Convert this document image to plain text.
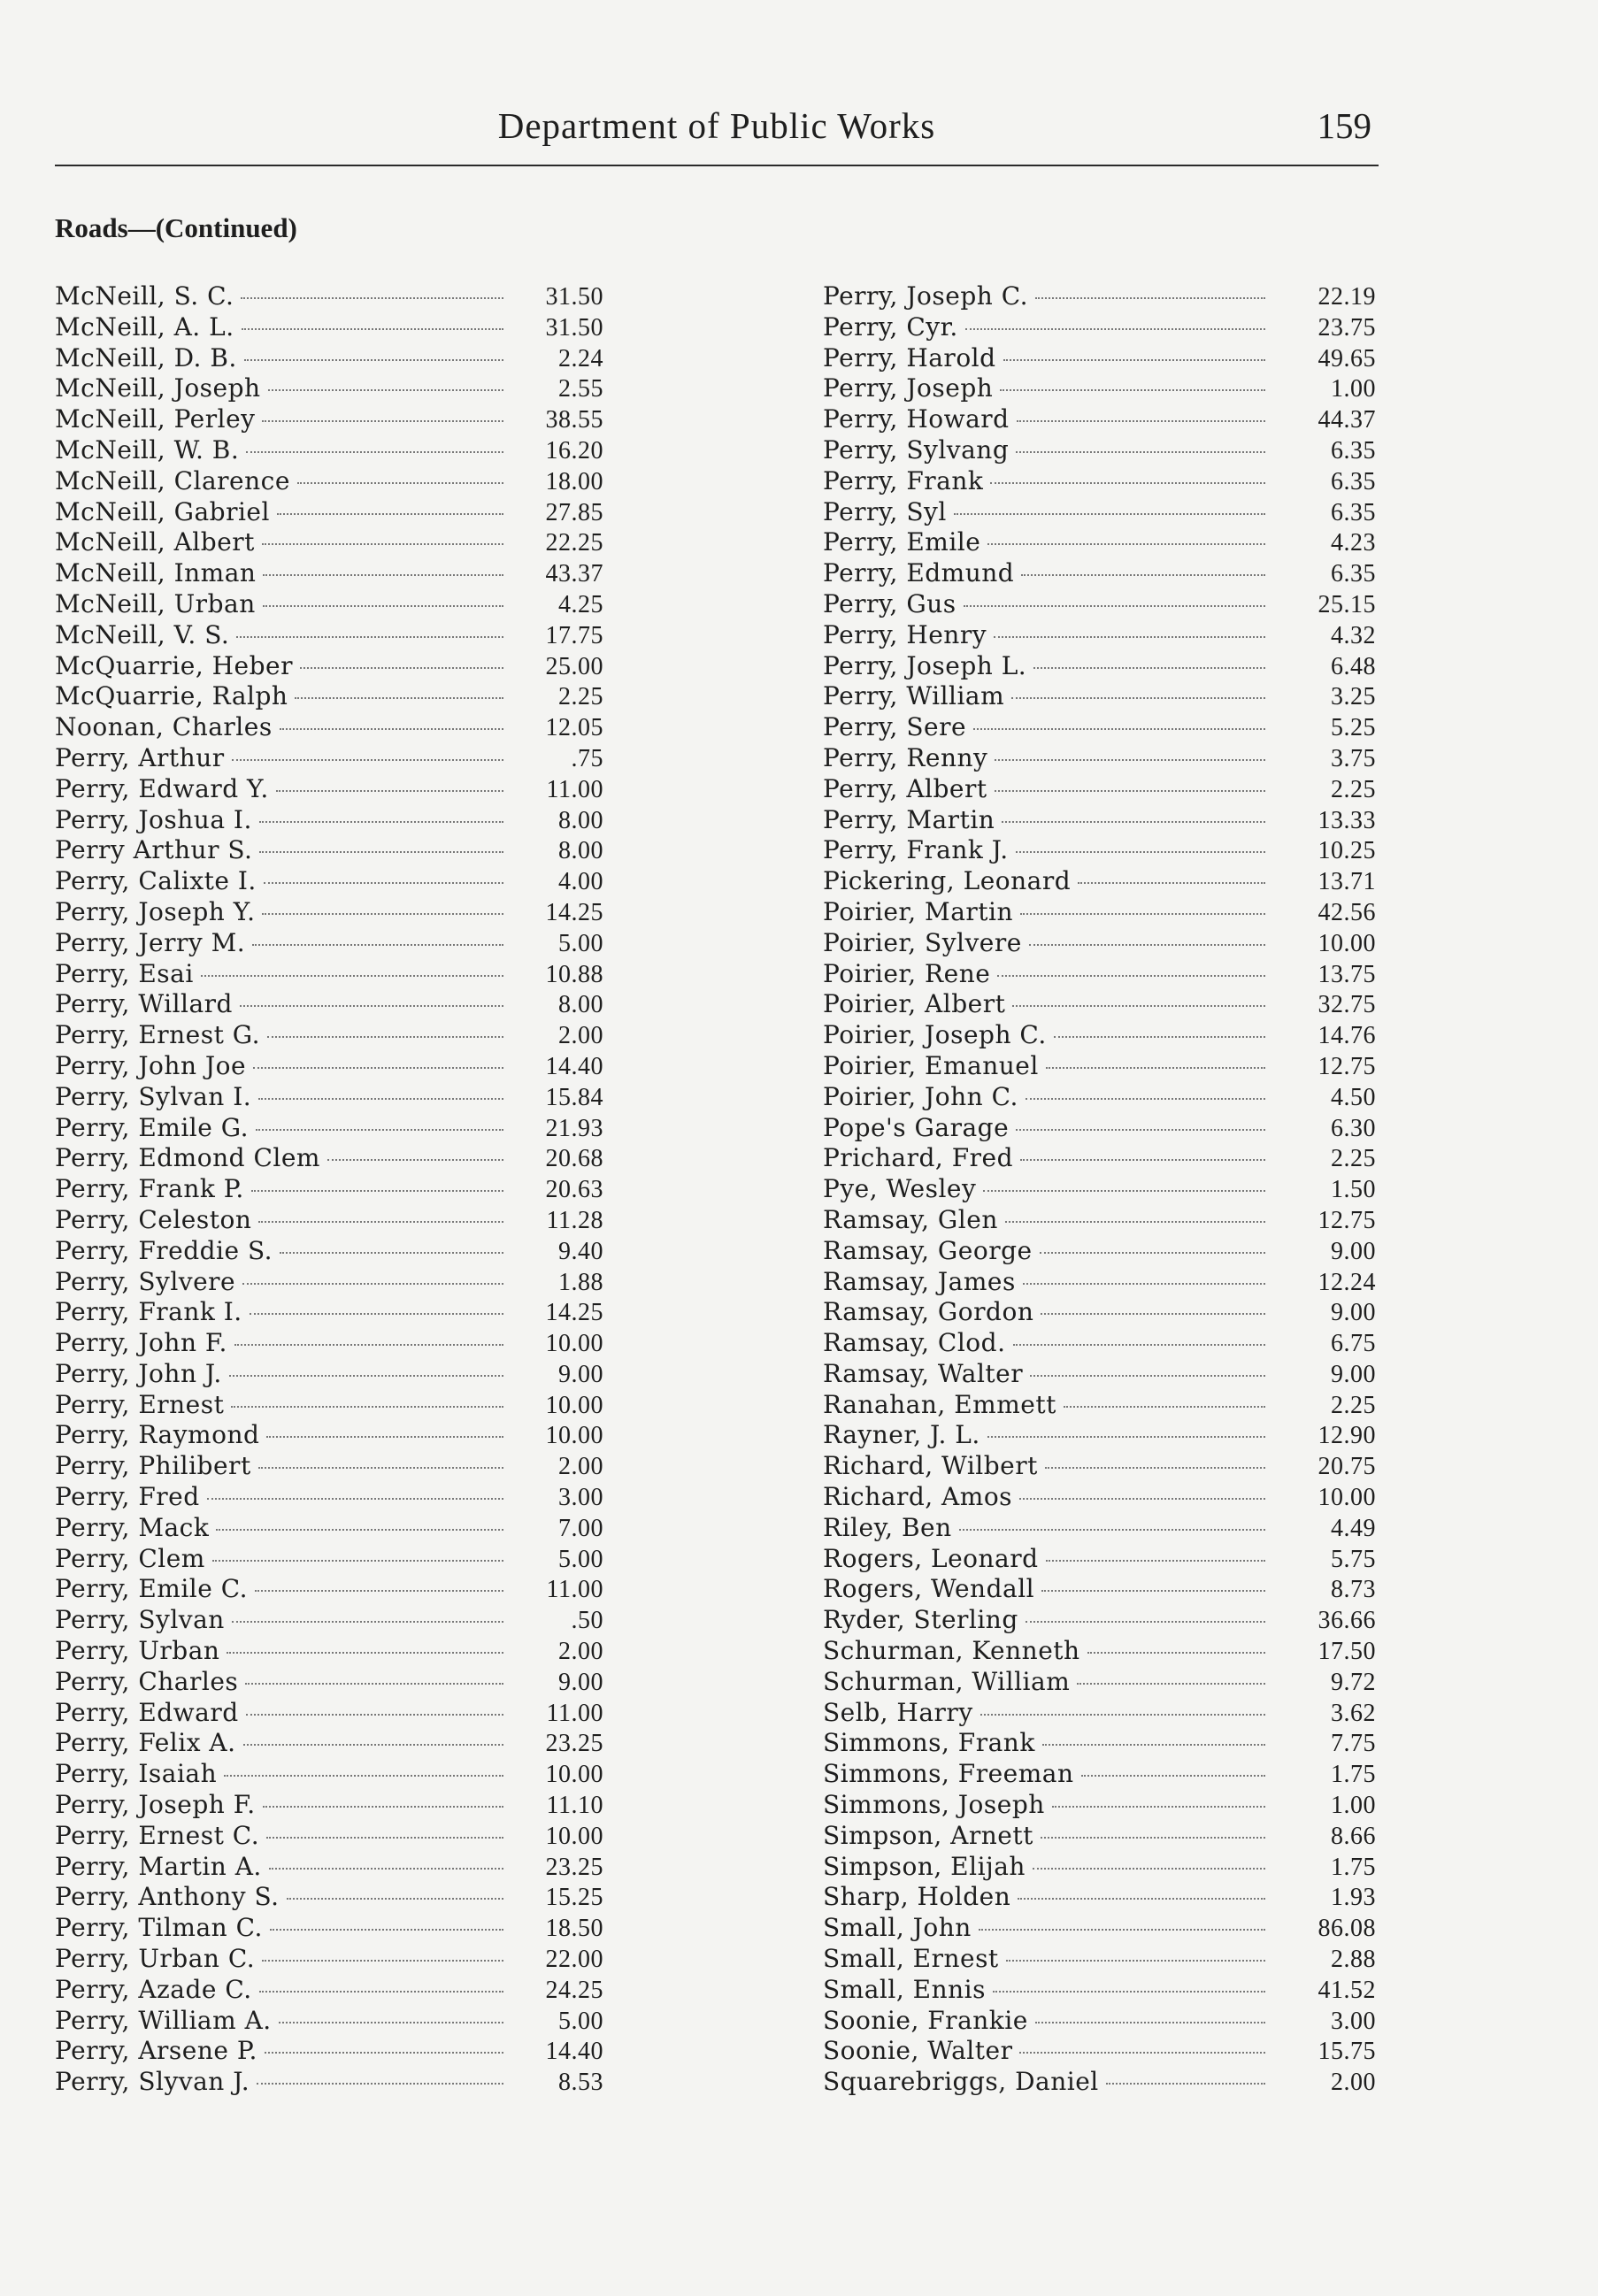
Department of Public Works	159
Roads—(Continued)
McNeill, S. C.	31.50
McNeill, A. L.	31.50
McNeill, D. B.	2.24
McNeill, Joseph	2.55
McNeill, Perley	38.55
McNeill, W. B.	16.20
McNeill, Clarence	18.00
McNeill, Gabriel	27.85
McNeill, Albert	22.25
McNeill, Inman	43.37
McNeill, Urban	4.25
McNeill, V. S.	17.75
McQuarrie, Heber	25.00
McQuarrie, Ralph	2.25
Noonan, Charles	12.05
Perry, Arthur	.75
Perry, Edward Y.	11.00
Perry, Joshua I.	8.00
Perry Arthur S.	8.00
Perry, Calixte I.	4.00
Perry, Joseph Y.	14.25
Perry, Jerry M.	5.00
Perry, Esai	10.88
Perry, Willard	8.00
Perry, Ernest G.	2.00
Perry, John Joe	14.40
Perry, Sylvan I.	15.84
Perry, Emile G.	21.93
Perry, Edmond Clem	20.68
Perry, Frank P.	20.63
Perry, Celeston	11.28
Perry, Freddie S.	9.40
Perry, Sylvere	1.88
Perry, Frank I.	14.25
Perry, John F.	10.00
Perry, John J.	9.00
Perry, Ernest	10.00
Perry, Raymond	10.00
Perry, Philibert	2.00
Perry, Fred	3.00
Perry, Mack	7.00
Perry, Clem	5.00
Perry, Emile C.	11.00
Perry, Sylvan	.50
Perry, Urban	2.00
Perry, Charles	9.00
Perry, Edward	11.00
Perry, Felix A.	23.25
Perry, Isaiah	10.00
Perry, Joseph F.	11.10
Perry, Ernest C.	10.00
Perry, Martin A.	23.25
Perry, Anthony S.	15.25
Perry, Tilman C.	18.50
Perry, Urban C.	22.00
Perry, Azade C.	24.25
Perry, William A.	5.00
Perry, Arsene P.	14.40
Perry, Slyvan J.	8.53
Perry, Joseph C.	22.19
Perry, Cyr.	23.75
Perry, Harold	49.65
Perry, Joseph	1.00
Perry, Howard	44.37
Perry, Sylvang	6.35
Perry, Frank	6.35
Perry, Syl	6.35
Perry, Emile	4.23
Perry, Edmund	6.35
Perry, Gus	25.15
Perry, Henry	4.32
Perry, Joseph L.	6.48
Perry, William	3.25
Perry, Sere	5.25
Perry, Renny	3.75
Perry, Albert	2.25
Perry, Martin	13.33
Perry, Frank J.	10.25
Pickering, Leonard	13.71
Poirier, Martin	42.56
Poirier, Sylvere	10.00
Poirier, Rene	13.75
Poirier, Albert	32.75
Poirier, Joseph C.	14.76
Poirier, Emanuel	12.75
Poirier, John C.	4.50
Pope's Garage	6.30
Prichard, Fred	2.25
Pye, Wesley	1.50
Ramsay, Glen	12.75
Ramsay, George	9.00
Ramsay, James	12.24
Ramsay, Gordon	9.00
Ramsay, Clod.	6.75
Ramsay, Walter	9.00
Ranahan, Emmett	2.25
Rayner, J. L.	12.90
Richard, Wilbert	20.75
Richard, Amos	10.00
Riley, Ben	4.49
Rogers, Leonard	5.75
Rogers, Wendall	8.73
Ryder, Sterling	36.66
Schurman, Kenneth	17.50
Schurman, William	9.72
Selb, Harry	3.62
Simmons, Frank	7.75
Simmons, Freeman	1.75
Simmons, Joseph	1.00
Simpson, Arnett	8.66
Simpson, Elijah	1.75
Sharp, Holden	1.93
Small, John	86.08
Small, Ernest	2.88
Small, Ennis	41.52
Soonie, Frankie	3.00
Soonie, Walter	15.75
Squarebriggs, Daniel	2.00
